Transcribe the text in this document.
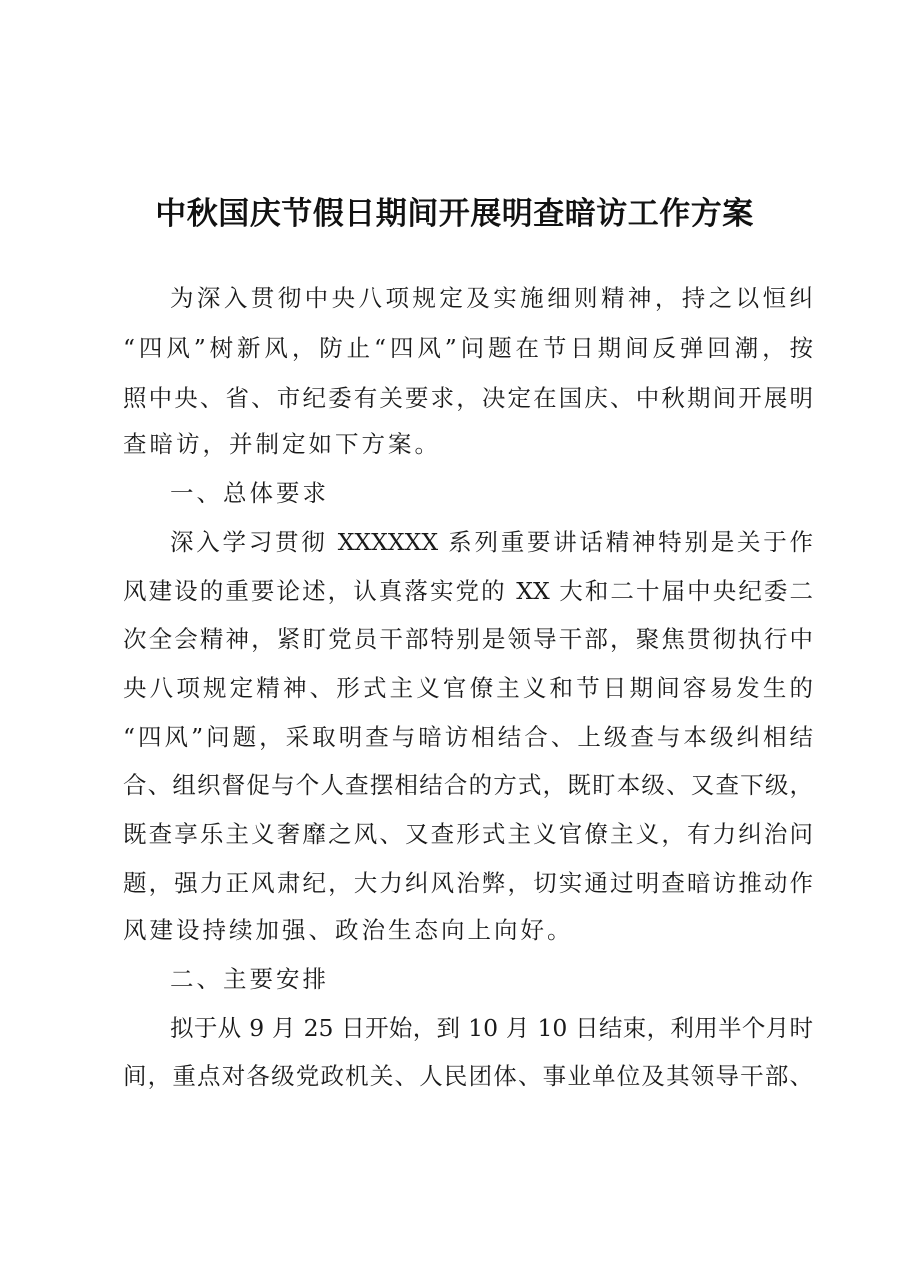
中秋国庆节假日期间开展明查暗访工作方案
为深入贯彻中央八项规定及实施细则精神，持之以恒纠
“四风”树新风，防止“四风”问题在节日期间反弹回潮，按
照中央、省、市纪委有关要求，决定在国庆、中秋期间开展明
查暗访，并制定如下方案。
一、总体要求
深入学习贯彻 XXXXXX 系列重要讲话精神特别是关于作
风建设的重要论述，认真落实党的 XX 大和二十届中央纪委二
次全会精神，紧盯党员干部特别是领导干部，聚焦贯彻执行中
央八项规定精神、形式主义官僚主义和节日期间容易发生的
“四风”问题，采取明查与暗访相结合、上级查与本级纠相结
合、组织督促与个人查摆相结合的方式，既盯本级、又查下级，
既查享乐主义奢靡之风、又查形式主义官僚主义，有力纠治问
题，强力正风肃纪，大力纠风治弊，切实通过明查暗访推动作
风建设持续加强、政治生态向上向好。
二、主要安排
拟于从 9 月 25 日开始，到 10 月 10 日结束，利用半个月时
间，重点对各级党政机关、人民团体、事业单位及其领导干部、
